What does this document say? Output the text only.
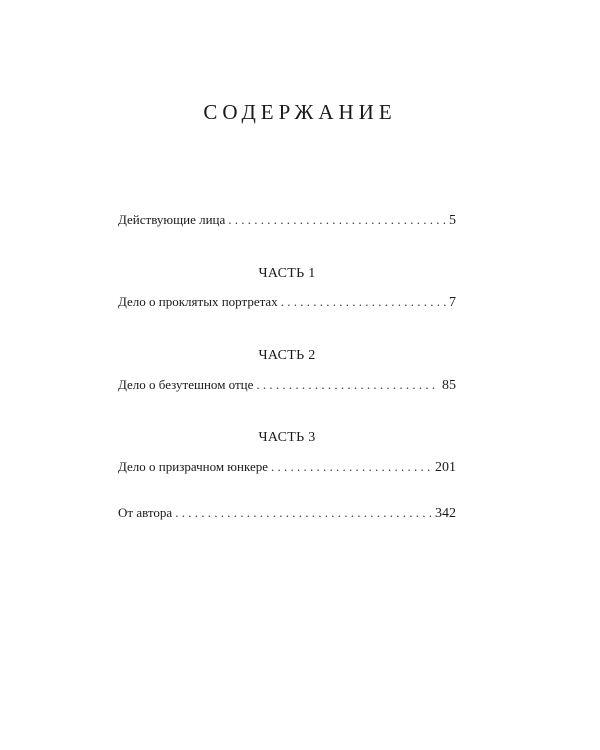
СОДЕРЖАНИЕ
Действующие лица . . .	5
ЧАСТЬ 1
Дело о проклятых портретах . . .	7
ЧАСТЬ 2
Дело о безутешном отце . . .	85
ЧАСТЬ 3
Дело о призрачном юнкере . . .	201
От автора . . .	342
